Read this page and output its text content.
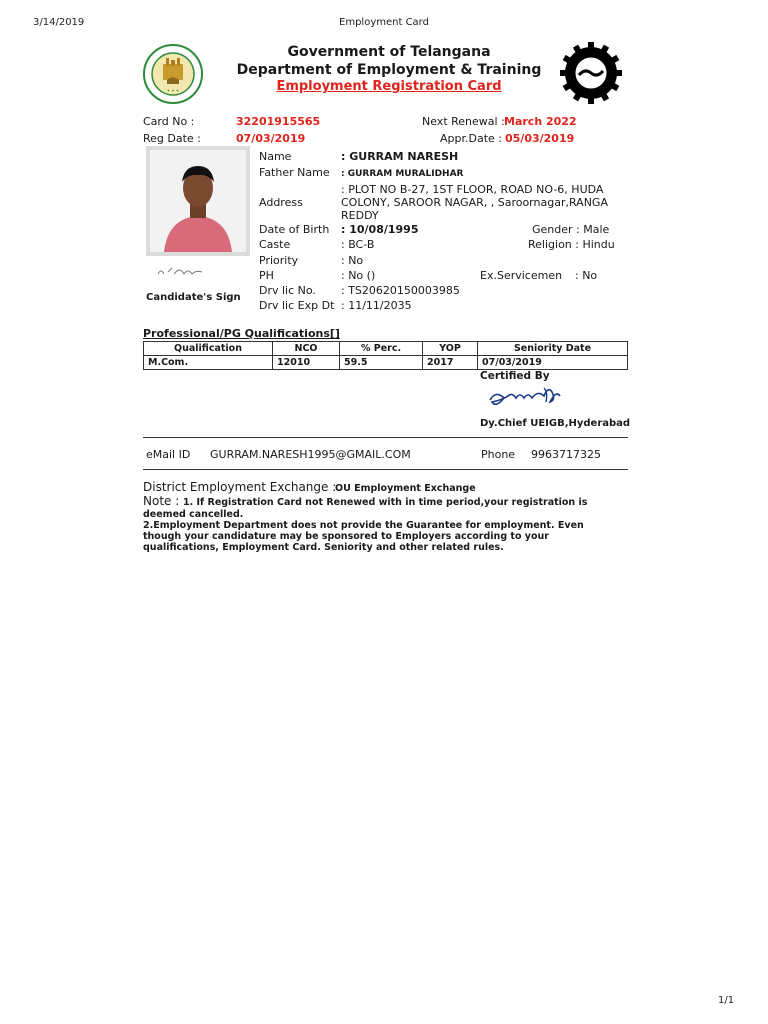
3/14/2019	Employment Card
✦ ✦ ✦
Government of Telangana
Department of Employment & Training
Employment Registration Card
Card No :	32201915565	Next Renewal : March 2022
Reg Date :	07/03/2019	Appr.Date : 05/03/2019
Candidate's Sign
Name	: GURRAM NARESH
Father Name : GURRAM MURALIDHAR
Address
: PLOT NO B-27, 1ST FLOOR, ROAD NO-6, HUDA
COLONY, SAROOR NAGAR, , Saroornagar,RANGA
REDDY
Date of Birth : 10/08/1995	Gender : Male
Caste	: BC-B	Religion : Hindu
Priority	: No
PH	: No ()	Ex.Servicemen : No
Drv lic No. : TS20620150003985
Drv lic Exp Dt : 11/11/2035
Professional/PG Qualifications[]
Qualification	NCO	% Perc.	YOP	Seniority Date
M.Com.	12010	59.5	2017	07/03/2019
Certified By
Dy.Chief UEIGB,Hyderabad
eMail ID GURRAM.NARESH1995@GMAIL.COM	Phone 9963717325
District Employment Exchange :
OU Employment Exchange
Note : 1. If Registration Card not Renewed with in time period,your registration is
deemed cancelled.
2.Employment Department does not provide the Guarantee for employment. Even
though your candidature may be sponsored to Employers according to your
qualifications, Employment Card. Seniority and other related rules.
1/1
